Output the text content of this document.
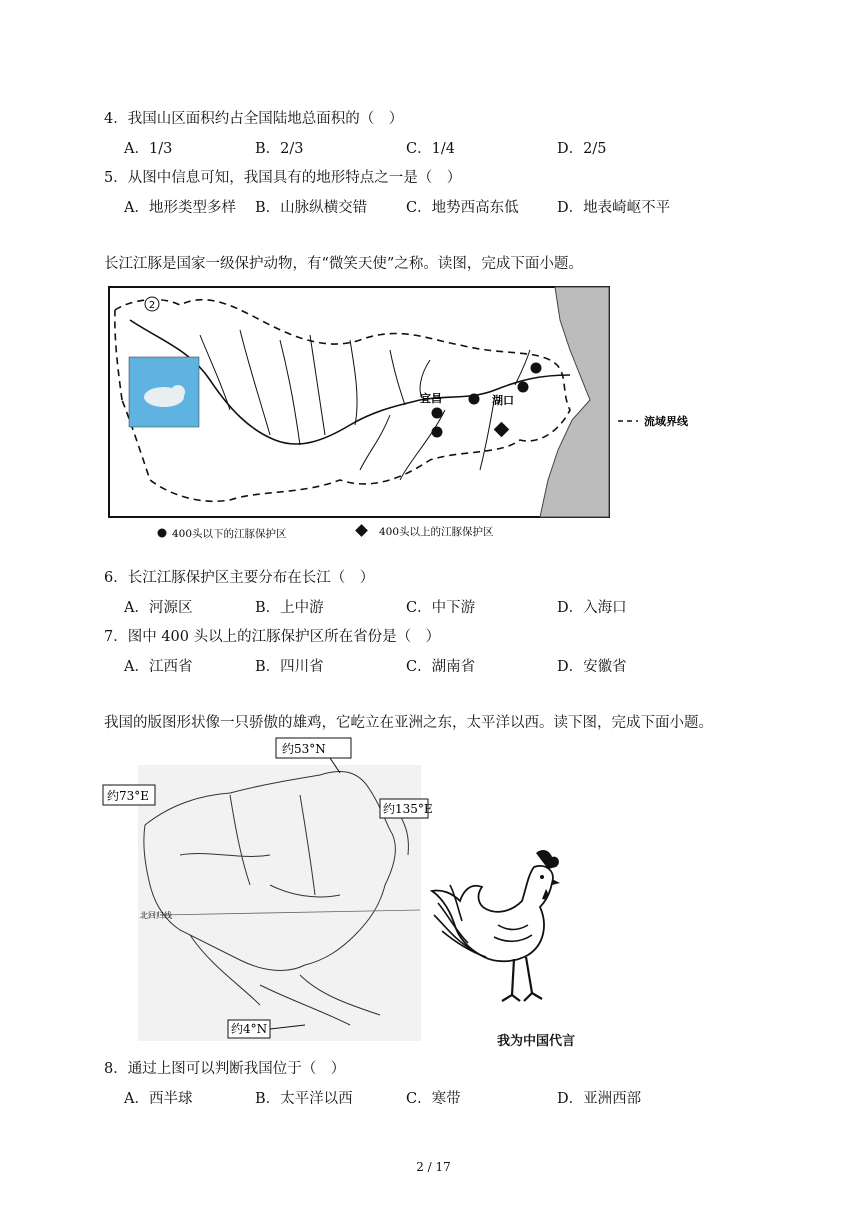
4．我国山区面积约占全国陆地总面积的（　）
A．1/3	B．2/3	C．1/4	D．2/5
5．从图中信息可知，我国具有的地形特点之一是（　）
A．地形类型多样 B．山脉纵横交错	C．地势西高东低	D．地表崎岖不平
长江江豚是国家一级保护动物，有“微笑天使”之称。读图，完成下面小题。
2
宜昌	湖口
流域界线
400头以下的江豚保护区	400头以上的江豚保护区
6．长江江豚保护区主要分布在长江（　）
A．河源区	B．上中游	C．中下游	D．入海口
7．图中 400 头以上的江豚保护区所在省份是（　）
A．江西省	B．四川省	C．湖南省	D．安徽省
我国的版图形状像一只骄傲的雄鸡，它屹立在亚洲之东，太平洋以西。读下图，完成下面小题。
北回归线
约53°N
约73°E
约135°E
约4°N
我为中国代言
8．通过上图可以判断我国位于（　）
A．西半球	B．太平洋以西	C．寒带	D．亚洲西部
2 / 17
